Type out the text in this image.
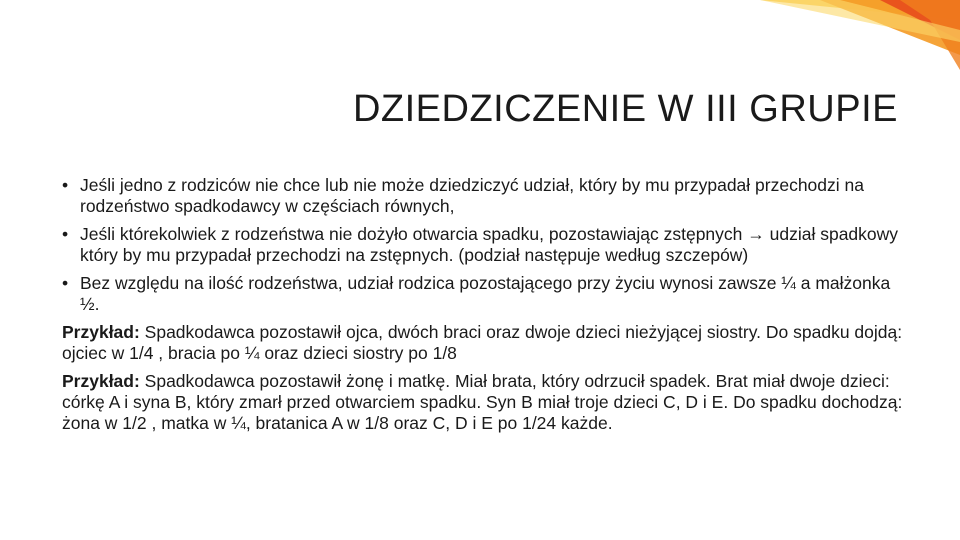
DZIEDZICZENIE W III GRUPIE
• Jeśli jedno z rodziców nie chce lub nie może dziedziczyć udział, który by mu przypadał przechodzi na rodzeństwo spadkodawcy w częściach równych,
• Jeśli którekolwiek z rodzeństwa nie dożyło otwarcia spadku, pozostawiając zstępnych → udział spadkowy który by mu przypadał przechodzi na zstępnych. (podział następuje według szczepów)
• Bez względu na ilość rodzeństwa, udział rodzica pozostającego przy życiu wynosi zawsze ¼ a małżonka ½.
Przykład: Spadkodawca pozostawił ojca, dwóch braci oraz dwoje dzieci nieżyjącej siostry. Do spadku dojdą: ojciec w 1/4 , bracia po ¼ oraz dzieci siostry po 1/8
Przykład: Spadkodawca pozostawił żonę i matkę. Miał brata, który odrzucił spadek. Brat miał dwoje dzieci: córkę A i syna B, który zmarł przed otwarciem spadku. Syn B miał troje dzieci C, D i E. Do spadku dochodzą: żona w 1/2 , matka w ¼, bratanica A w 1/8 oraz C, D i E po 1/24 każde.
